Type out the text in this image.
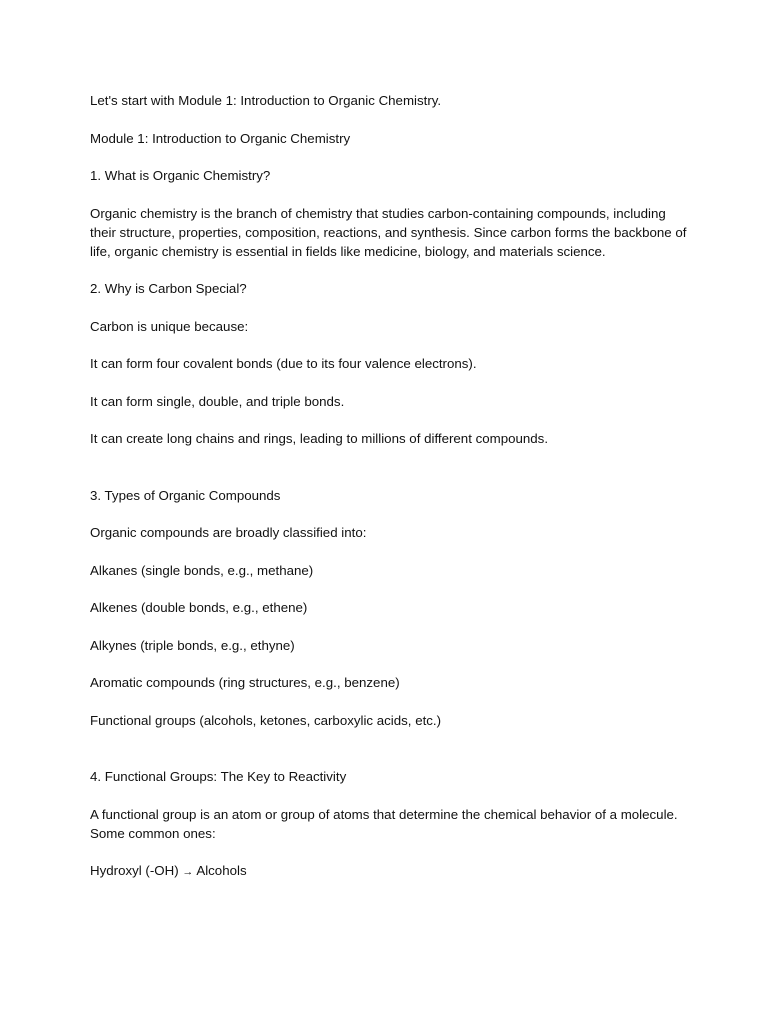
Let's start with Module 1: Introduction to Organic Chemistry.

Module 1: Introduction to Organic Chemistry

1. What is Organic Chemistry?

Organic chemistry is the branch of chemistry that studies carbon-containing compounds, including their structure, properties, composition, reactions, and synthesis. Since carbon forms the backbone of life, organic chemistry is essential in fields like medicine, biology, and materials science.

2. Why is Carbon Special?

Carbon is unique because:

It can form four covalent bonds (due to its four valence electrons).

It can form single, double, and triple bonds.

It can create long chains and rings, leading to millions of different compounds.

3. Types of Organic Compounds

Organic compounds are broadly classified into:

Alkanes (single bonds, e.g., methane)

Alkenes (double bonds, e.g., ethene)

Alkynes (triple bonds, e.g., ethyne)

Aromatic compounds (ring structures, e.g., benzene)

Functional groups (alcohols, ketones, carboxylic acids, etc.)

4. Functional Groups: The Key to Reactivity

A functional group is an atom or group of atoms that determine the chemical behavior of a molecule. Some common ones:

Hydroxyl (-OH) → Alcohols
